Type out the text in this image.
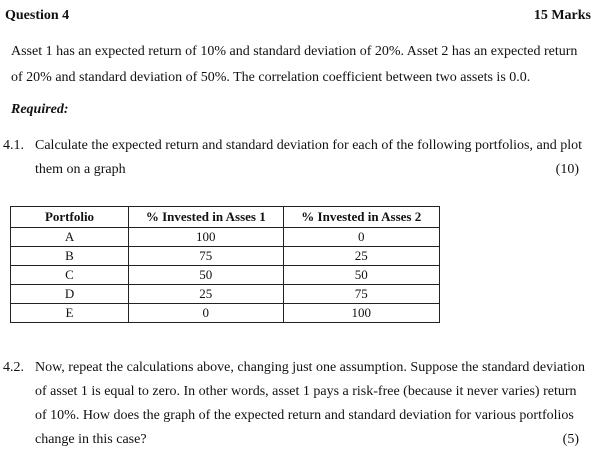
Question 4	15 Marks
Asset 1 has an expected return of 10% and standard deviation of 20%. Asset 2 has an expected return
of 20% and standard deviation of 50%. The correlation coefficient between two assets is 0.0.
Required:
4.1. Calculate the expected return and standard deviation for each of the following portfolios, and plot
them on a graph	(10)
Portfolio	% Invested in Asses 1	% Invested in Asses 2
A	100	0
B	75	25
C	50	50
D	25	75
E	0	100
4.2. Now, repeat the calculations above, changing just one assumption. Suppose the standard deviation
of asset 1 is equal to zero. In other words, asset 1 pays a risk-free (because it never varies) return
of 10%. How does the graph of the expected return and standard deviation for various portfolios
change in this case?	(5)
